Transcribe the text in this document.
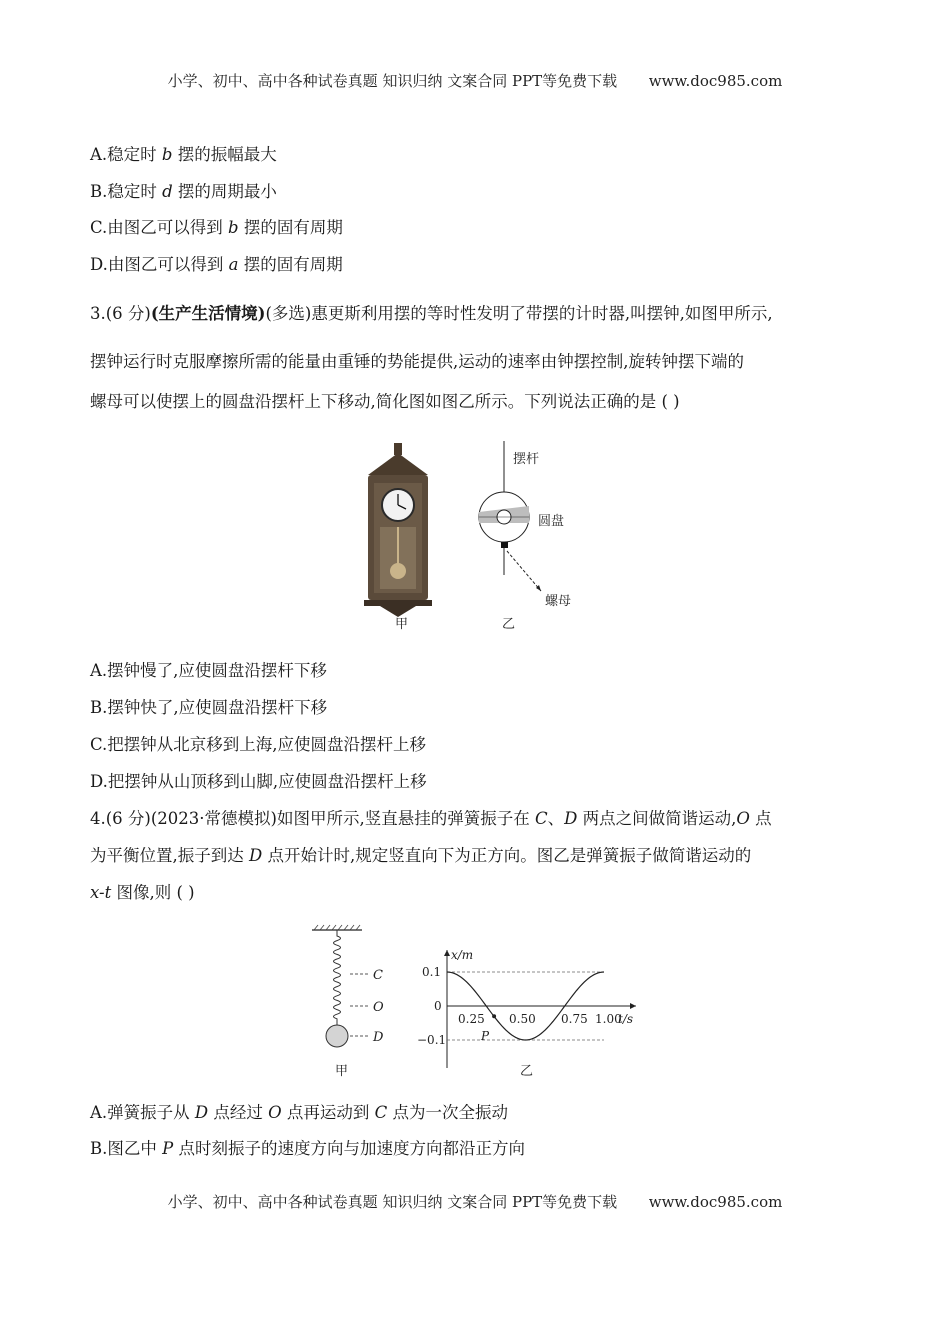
小学、初中、高中各种试卷真题 知识归纳 文案合同 PPT等免费下载 www.doc985.com
A.稳定时 b 摆的振幅最大
B.稳定时 d 摆的周期最小
C.由图乙可以得到 b 摆的固有周期
D.由图乙可以得到 a 摆的固有周期
3.(6 分)(生产生活情境)(多选)惠更斯利用摆的等时性发明了带摆的计时器,叫摆钟,如图甲所示,
摆钟运行时克服摩擦所需的能量由重锤的势能提供,运动的速率由钟摆控制,旋转钟摆下端的
螺母可以使摆上的圆盘沿摆杆上下移动,简化图如图乙所示。下列说法正确的是 ( )
摆杆
圆盘
螺母
甲	乙
A.摆钟慢了,应使圆盘沿摆杆下移
B.摆钟快了,应使圆盘沿摆杆下移
C.把摆钟从北京移到上海,应使圆盘沿摆杆上移
D.把摆钟从山顶移到山脚,应使圆盘沿摆杆上移
4.(6 分)(2023·常德模拟)如图甲所示,竖直悬挂的弹簧振子在 C、D 两点之间做简谐运动,O 点
为平衡位置,振子到达 D 点开始计时,规定竖直向下为正方向。图乙是弹簧振子做简谐运动的
x-t 图像,则 ( )
C
O
D
甲
x/m
t/s
0.1
0
−0.1
0.25 0.50 0.75 1.00
P
乙
A.弹簧振子从 D 点经过 O 点再运动到 C 点为一次全振动
B.图乙中 P 点时刻振子的速度方向与加速度方向都沿正方向
小学、初中、高中各种试卷真题 知识归纳 文案合同 PPT等免费下载 www.doc985.com
